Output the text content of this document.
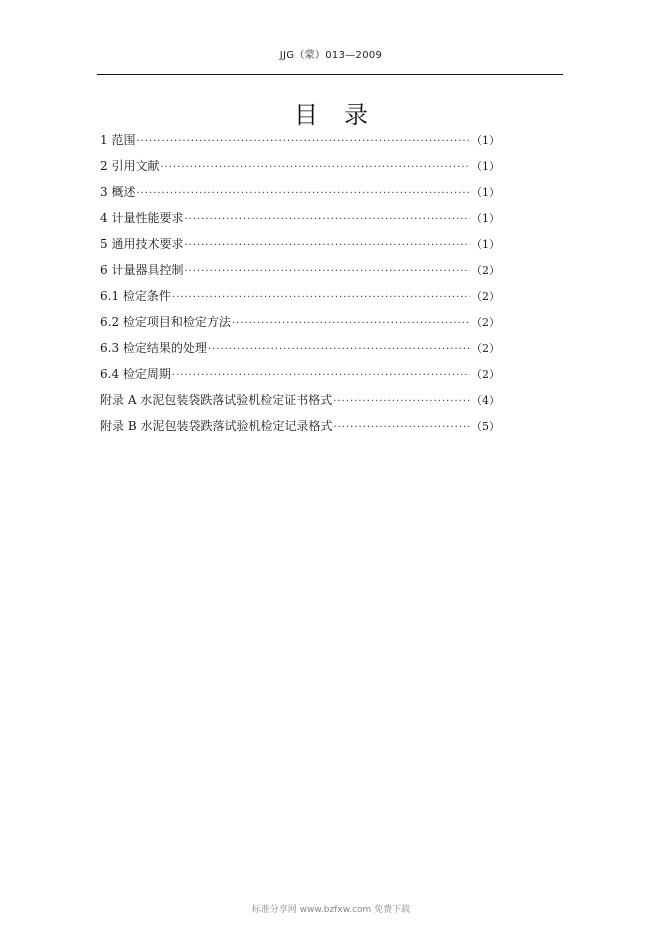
JJG（蒙）013—2009
目录
1 范围 ·····	（1）
2 引用文献 ·····	（1）
3 概述 ·····	（1）
4 计量性能要求 ·····	（1）
5 通用技术要求 ·····	（1）
6 计量器具控制 ·····	（2）
6.1 检定条件 ·····	（2）
6.2 检定项目和检定方法 ·····	（2）
6.3 检定结果的处理 ·····	（2）
6.4 检定周期 ·····	（2）
附录 A 水泥包装袋跌落试验机检定证书格式 ·····	（4）
附录 B 水泥包装袋跌落试验机检定记录格式 ·····	（5）
标准分享网 www.bzfxw.com 免费下载
